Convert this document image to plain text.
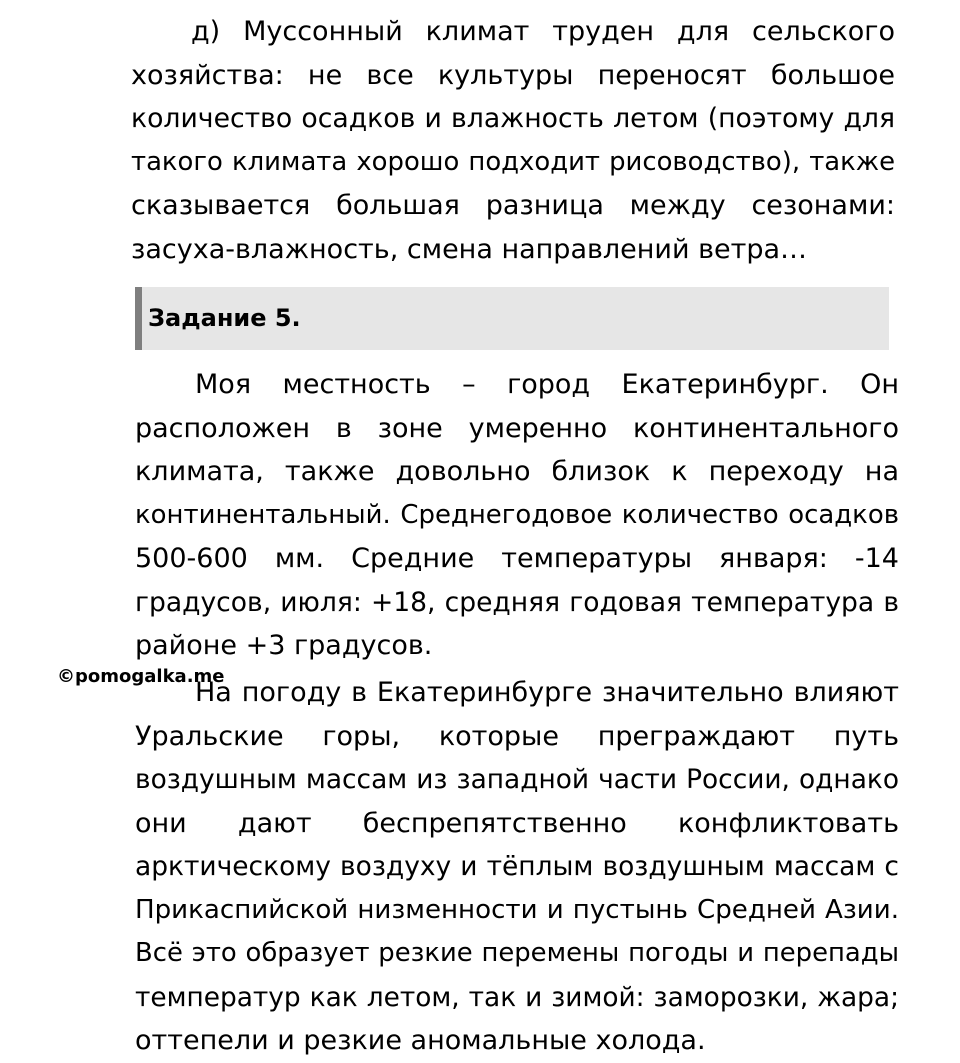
д) Муссонный климат труден для сельского
хозяйства: не все культуры переносят большое
количество осадков и влажность летом (поэтому для
такого климата хорошо подходит рисоводство), также
сказывается большая разница между сезонами:
засуха-влажность, смена направлений ветра…
Задание 5.
Моя местность – город Екатеринбург. Он
расположен в зоне умеренно континентального
климата, также довольно близок к переходу на
континентальный. Среднегодовое количество осадков
500-600 мм. Средние температуры января: -14
градусов, июля: +18, средняя годовая температура в
районе +3 градусов.
©pomogalka.me
На погоду в Екатеринбурге значительно влияют
Уральские горы, которые преграждают путь
воздушным массам из западной части России, однако
они дают беспрепятственно конфликтовать
арктическому воздуху и тёплым воздушным массам с
Прикаспийской низменности и пустынь Средней Азии.
Всё это образует резкие перемены погоды и перепады
температур как летом, так и зимой: заморозки, жара;
оттепели и резкие аномальные холода.
